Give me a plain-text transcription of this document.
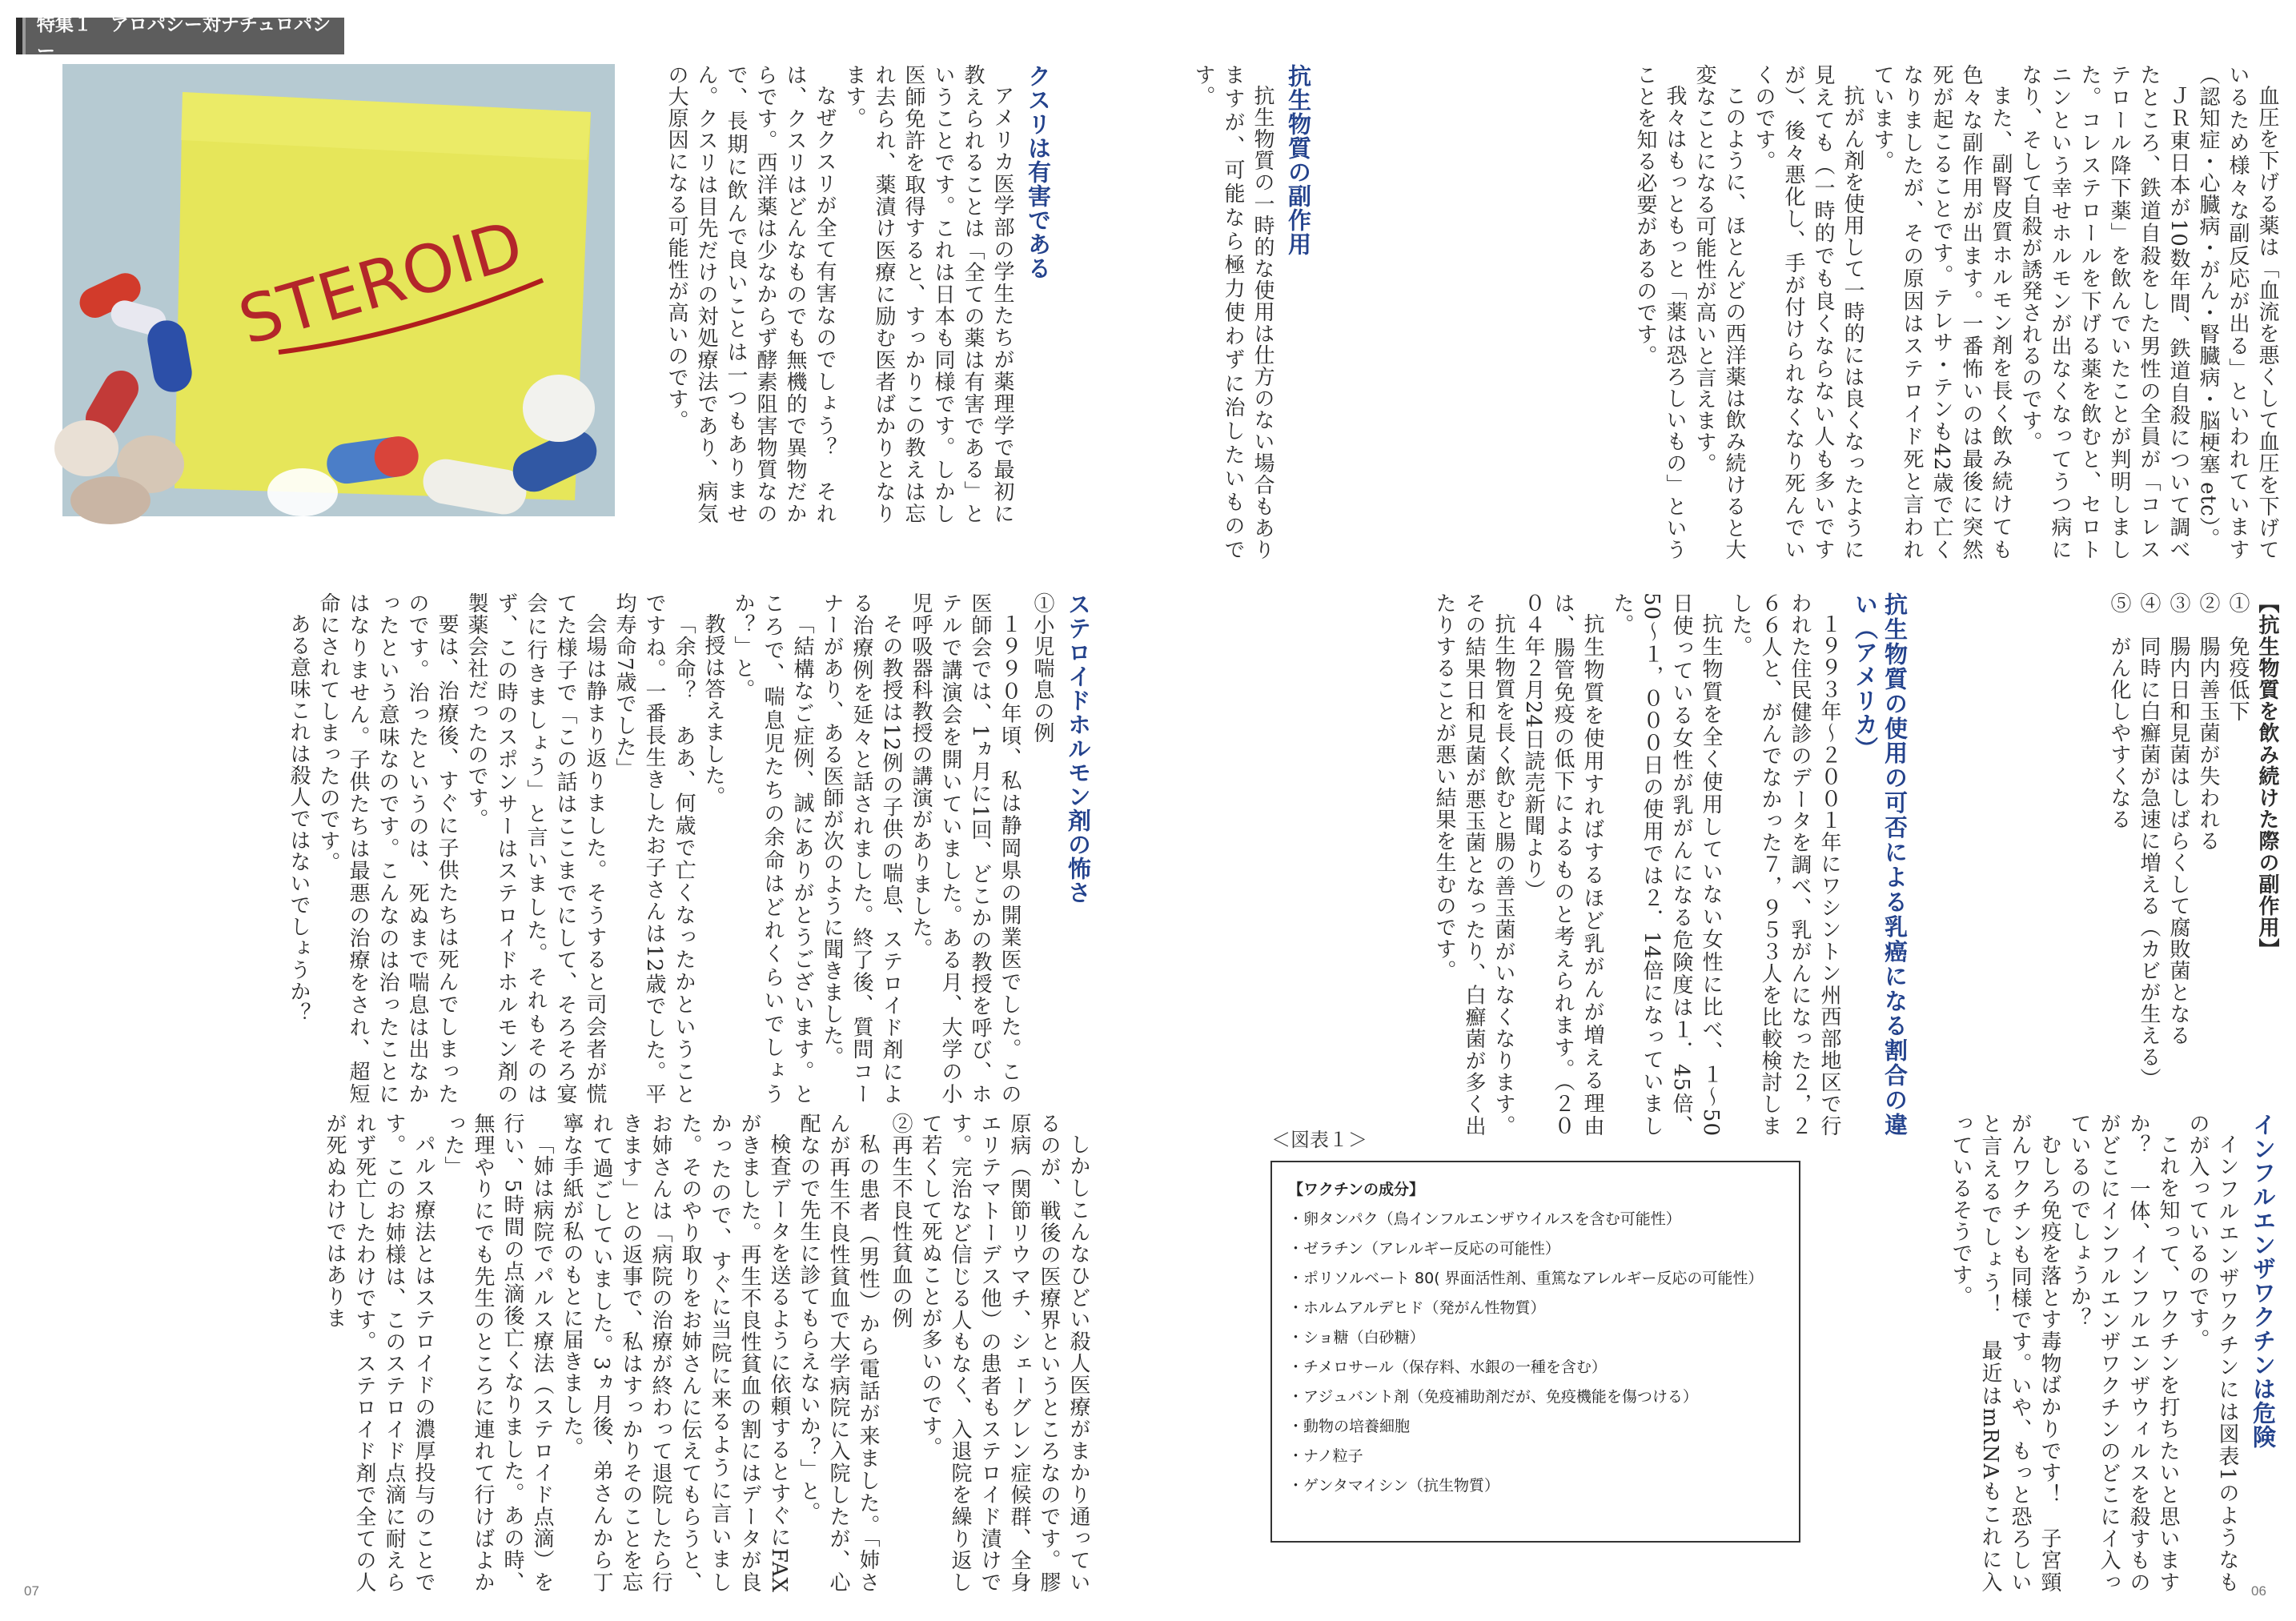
特集１　アロパシー対ナチュロパシー
STEROID	血圧を下げる薬は「血流を悪くして血圧を下げているため様々な副反応が出る」といわれています（認知症・心臓病・がん・腎臓病・脳梗塞 etc）。

ＪＲ東日本が10数年間、鉄道自殺について調べたところ、鉄道自殺をした男性の全員が「コレステロール降下薬」を飲んでいたことが判明しました。コレステロールを下げる薬を飲むと、セロトニンという幸せホルモンが出なくなってうつ病になり、そして自殺が誘発されるのです。

また、副腎皮質ホルモン剤を長く飲み続けても色々な副作用が出ます。一番怖いのは最後に突然死が起こることです。テレサ・テンも42歳で亡くなりましたが、その原因はステロイド死と言われています。

抗がん剤を使用して一時的には良くなったように見えても（一時的でも良くならない人も多いですが）、後々悪化し、手が付けられなくなり死んでいくのです。

このように、ほとんどの西洋薬は飲み続けると大変なことになる可能性が高いと言えます。

我々はもっともっと「薬は恐ろしいもの」ということを知る必要があるのです。

抗生物質の副作用

抗生物質の一時的な使用は仕方のない場合もありますが、可能なら極力使わずに治したいものです。

クスリは有害である

アメリカ医学部の学生たちが薬理学で最初に教えられることは「全ての薬は有害である」ということです。これは日本も同様です。しかし医師免許を取得すると、すっかりこの教えは忘れ去られ、薬漬け医療に励む医者ばかりとなります。

なぜクスリが全て有害なのでしょう？　それは、クスリはどんなものでも無機的で異物だからです。西洋薬は少なからず酵素阻害物質なので、長期に飲んで良いことは一つもありません。クスリは目先だけの対処療法であり、病気の大原因になる可能性が高いのです。

【抗生物質を飲み続けた際の副作用】

①　免疫低下

②　腸内善玉菌が失われる

③　腸内日和見菌はしばらくして腐敗菌となる

④　同時に白癬菌が急速に増える（カビが生える）

⑤　がん化しやすくなる

抗生物質の使用の可否による乳癌になる割合の違い（アメリカ）

１９９３年～２００１年にワシントン州西部地区で行われた住民健診のデータを調べ、乳がんになった２，２６６人と、がんでなかった７，９５３人を比較検討しました。

抗生物質を全く使用していない女性に比べ、１～50日使っている女性が乳がんになる危険度は１．45倍、50～１，０００日の使用では２．14倍になっていました。

抗生物質を使用すればするほど乳がんが増える理由は、腸管免疫の低下によるものと考えられます。（２００４年２月24日読売新聞より）

抗生物質を長く飲むと腸の善玉菌がいなくなります。その結果日和見菌が悪玉菌となったり、白癬菌が多く出たりすることが悪い結果を生むのです。

ステロイドホルモン剤の怖さ

①小児喘息の例

１９９０年頃、私は静岡県の開業医でした。この医師会では、1ヵ月に1回、どこかの教授を呼び、ホテルで講演会を開いていました。ある月、大学の小児呼吸器科教授の講演がありました。

その教授は12例の子供の喘息、ステロイド剤による治療例を延々と話されました。終了後、質問コーナーがあり、ある医師が次のように聞きました。

「結構なご症例、誠にありがとうございます。ところで、喘息児たちの余命はどれくらいでしょうか？」と。

教授は答えました。

「余命？　ああ、何歳で亡くなったかということですね。一番長生きしたお子さんは12歳でした。平均寿命7歳でした」

会場は静まり返りました。そうすると司会者が慌てた様子で「この話はここまでにして、そろそろ宴会に行きましょう」と言いました。それもそのはず、この時のスポンサーはステロイドホルモン剤の製薬会社だったのです。

要は、治療後、すぐに子供たちは死んでしまったのです。治ったというのは、死ぬまで喘息は出なかったという意味なのです。こんなのは治ったことにはなりません。子供たちは最悪の治療をされ、超短命にされてしまったのです。

ある意味これは殺人ではないでしょうか？

しかしこんなひどい殺人医療がまかり通っているのが、戦後の医療界というところなのです。膠原病（関節リウマチ、シェーグレン症候群、全身エリテマトーデス他）の患者もステロイド漬けです。完治など信じる人もなく、入退院を繰り返して若くして死ぬことが多いのです。

②再生不良性貧血の例

私の患者（男性）から電話が来ました。「姉さんが再生不良性貧血で大学病院に入院したが、心配なので先生に診てもらえないか？」と。

検査データを送るように依頼するとすぐにFAXがきました。再生不良性貧血の割にはデータが良かったので、すぐに当院に来るように言いました。そのやり取りをお姉さんに伝えてもらうと、お姉さんは「病院の治療が終わって退院したら行きます」との返事で、私はすっかりそのことを忘れて過ごしていました。3ヵ月後、弟さんから丁寧な手紙が私のもとに届きました。

「姉は病院でパルス療法（ステロイド点滴）を行い、5時間の点滴後亡くなりました。あの時、無理やりにでも先生のところに連れて行けばよかった」

パルス療法とはステロイドの濃厚投与のことです。このお姉様は、このステロイド点滴に耐えられず死亡したわけです。ステロイド剤で全ての人が死ぬわけではありま	インフルエンザワクチンは危険

インフルエンザワクチンには図表1のようなものが入っているのです。

これを知って、ワクチンを打ちたいと思いますか？　一体、インフルエンザウィルスを殺すものがどこにインフルエンザワクチンのどこにイ入っているのでしょうか？

むしろ免疫を落とす毒物ばかりです！　子宮頸がんワクチンも同様です。いや、もっと恐ろしいと言えるでしょう！　最近はmRNAもこれに入っているそうです。

＜図表１＞
【ワクチンの成分】
・卵タンパク（鳥インフルエンザウイルスを含む可能性）
・ゼラチン（アレルギー反応の可能性）
・ポリソルベート 80( 界面活性剤、重篤なアレルギー反応の可能性）
・ホルムアルデヒド（発がん性物質）
・ショ糖（白砂糖）
・チメロサール（保存料、水銀の一種を含む）
・アジュバント剤（免疫補助剤だが、免疫機能を傷つける）
・動物の培養細胞
・ナノ粒子
・ゲンタマイシン（抗生物質）
07	06
